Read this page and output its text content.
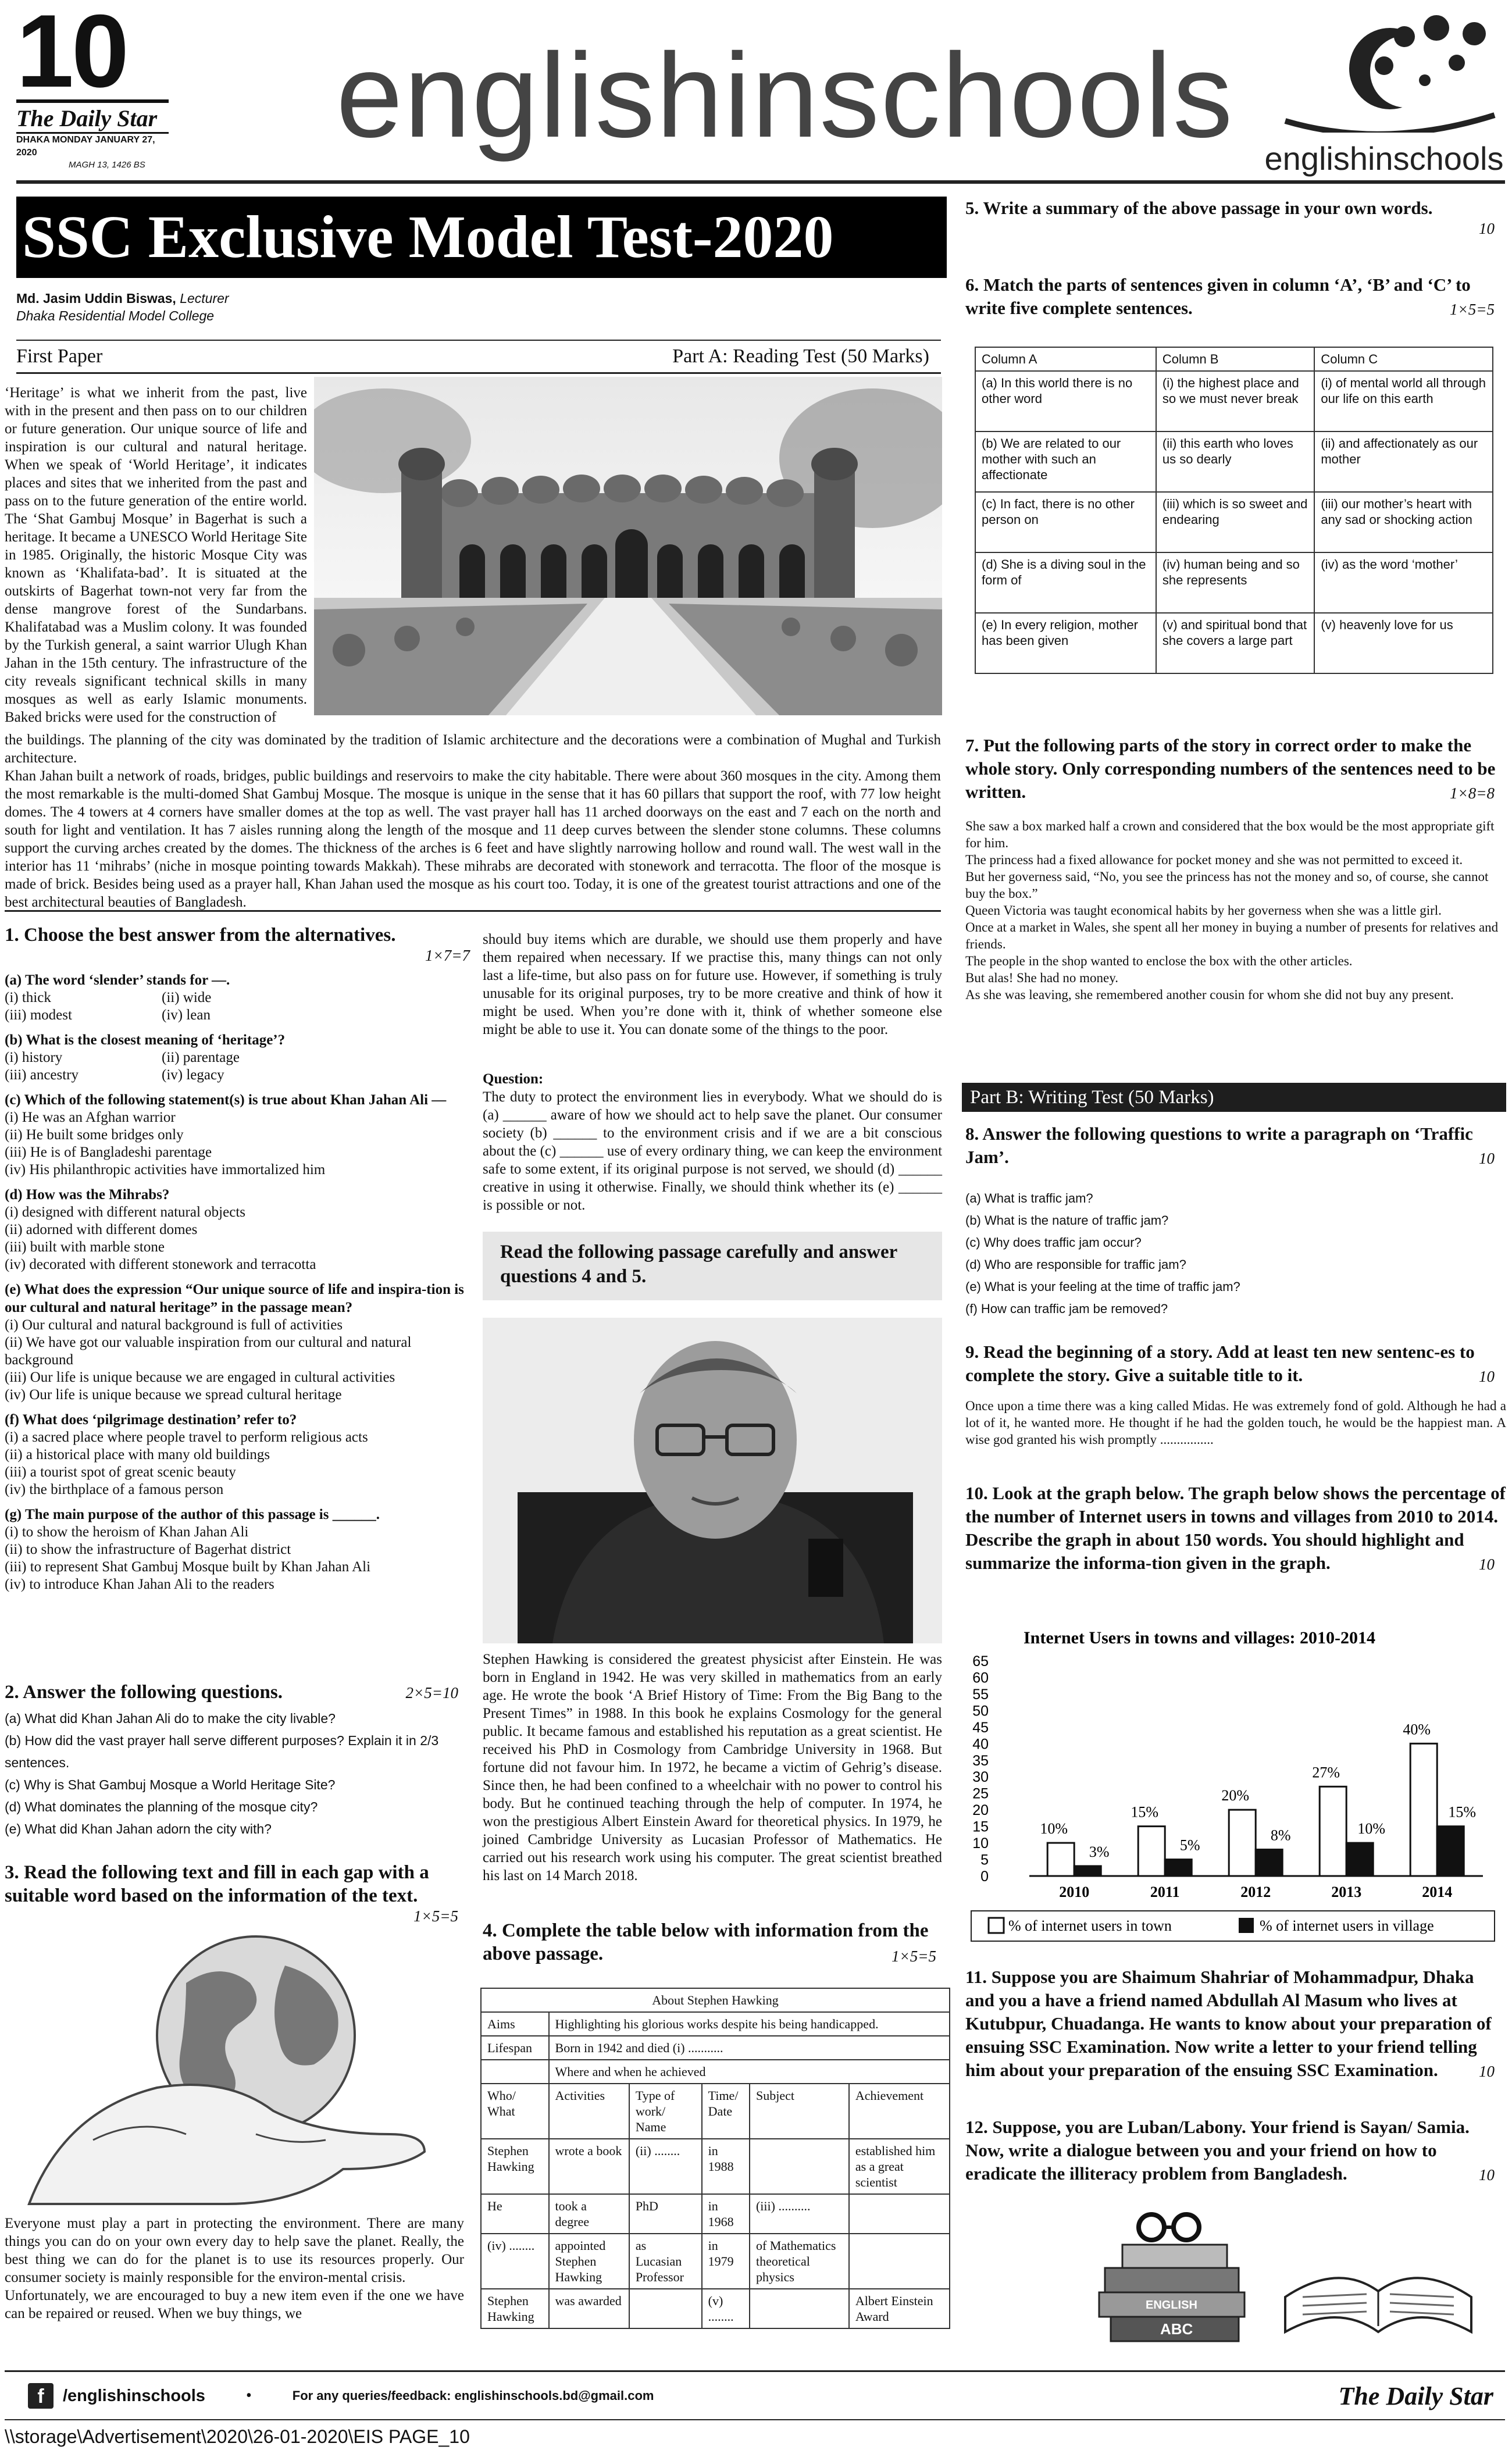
10
The Daily Star
DHAKA MONDAY JANUARY 27, 2020
MAGH 13, 1426 BS
englishinschools englishinschools
SSC Exclusive Model Test-2020
Md. Jasim Uddin Biswas, Lecturer
Dhaka Residential Model College
First Paper	Part A: Reading Test (50 Marks)
‘Heritage’ is what we inherit from the past, live with in the present and then pass on to our children or future generation. Our unique source of life and inspiration is our cultural and natural heritage. When we speak of ‘World Heritage’, it indicates places and sites that we inherited from the past and pass on to the future generation of the entire world. The ‘Shat Gambuj Mosque’ in Bagerhat is such a heritage. It became a UNESCO World Heritage Site in 1985. Originally, the historic Mosque City was known as ‘Khalifata-bad’. It is situated at the outskirts of Bagerhat town-not very far from the dense mangrove forest of the Sundarbans. Khalifatabad was a Muslim colony. It was founded by the Turkish general, a saint warrior Ulugh Khan Jahan in the 15th century. The infrastructure of the city reveals significant technical skills in many mosques as well as early Islamic monuments. Baked bricks were used for the construction of

the buildings. The planning of the city was dominated by the tradition of Islamic architecture and the decorations were a combination of Mughal and Turkish architecture.

Khan Jahan built a network of roads, bridges, public buildings and reservoirs to make the city habitable. There were about 360 mosques in the city. Among them the most remarkable is the multi-domed Shat Gambuj Mosque. The mosque is unique in the sense that it has 60 pillars that support the roof, with 77 low height domes. The 4 towers at 4 corners have smaller domes at the top as well. The vast prayer hall has 11 arched doorways on the east and 7 each on the north and south for light and ventilation. It has 7 aisles running along the length of the mosque and 11 deep curves between the slender stone columns. These columns support the curving arches created by the domes. The thickness of the arches is 6 feet and have slightly narrowing hollow and round wall. The west wall in the interior has 11 ‘mihrabs’ (niche in mosque pointing towards Makkah). These mihrabs are decorated with stonework and terracotta. The floor of the mosque is made of brick. Besides being used as a prayer hall, Khan Jahan used the mosque as his court too. Today, it is one of the greatest tourist attractions and one of the best architectural beauties of Bangladesh.

1. Choose the best answer from the alternatives.
1×7=7
(a) The word ‘slender’ stands for —.
(i) thick	(ii) wide
(iii) modest	(iv) lean
(b) What is the closest meaning of ‘heritage’?
(i) history	(ii) parentage
(iii) ancestry	(iv) legacy
(c) Which of the following statement(s) is true about Khan Jahan Ali —
(i) He was an Afghan warrior
(ii) He built some bridges only
(iii) He is of Bangladeshi parentage
(iv) His philanthropic activities have immortalized him
(d) How was the Mihrabs?
(i) designed with different natural objects
(ii) adorned with different domes
(iii) built with marble stone
(iv) decorated with different stonework and terracotta
(e) What does the expression “Our unique source of life and inspira-tion is our cultural and natural heritage” in the passage mean?
(i) Our cultural and natural background is full of activities
(ii) We have got our valuable inspiration from our cultural and natural background
(iii) Our life is unique because we are engaged in cultural activities
(iv) Our life is unique because we spread cultural heritage
(f) What does ‘pilgrimage destination’ refer to?
(i) a sacred place where people travel to perform religious acts
(ii) a historical place with many old buildings
(iii) a tourist spot of great scenic beauty
(iv) the birthplace of a famous person
(g) The main purpose of the author of this passage is ______.
(i) to show the heroism of Khan Jahan Ali
(ii) to show the infrastructure of Bagerhat district
(iii) to represent Shat Gambuj Mosque built by Khan Jahan Ali
(iv) to introduce Khan Jahan Ali to the readers
2. Answer the following questions.	2×5=10
(a) What did Khan Jahan Ali do to make the city livable?
(b) How did the vast prayer hall serve different purposes? Explain it in 2/3 sentences.
(c) Why is Shat Gambuj Mosque a World Heritage Site?
(d) What dominates the planning of the mosque city?
(e) What did Khan Jahan adorn the city with?
3. Read the following text and fill in each gap with a suitable word based on the information of the text.
1×5=5

Everyone must play a part in protecting the environment. There are many things you can do on your own every day to help save the planet. Really, the best thing we can do for the planet is to use its resources properly. Our consumer society is mainly responsible for the environ-mental crisis.

Unfortunately, we are encouraged to buy a new item even if the one we have can be repaired or reused. When we buy things, we

should buy items which are durable, we should use them properly and have them repaired when necessary. If we practise this, many things can not only last a life-time, but also pass on for future use. However, if something is truly unusable for its original purposes, try to be more creative and think of how it might be used. When you’re done with it, think of whether someone else might be able to use it. You can donate some of the things to the poor.
Question:
The duty to protect the environment lies in everybody. What we should do is (a) ______ aware of how we should act to help save the planet. Our consumer society (b) ______ to the environment crisis and if we are a bit conscious about the (c) ______ use of every ordinary thing, we can keep the environment safe to some extent, if its original purpose is not served, we should (d) ______ creative in using it otherwise. Finally, we should think whether its (e) ______ is possible or not.
Read the following passage carefully and answer questions 4 and 5.
Stephen Hawking is considered the greatest physicist after Einstein. He was born in England in 1942. He was very skilled in mathematics from an early age. He wrote the book ‘A Brief History of Time: From the Big Bang to the Present Times” in 1988. In this book he explains Cosmology for the general public. It became famous and established his reputation as a great scientist. He received his PhD in Cosmology from Cambridge University in 1968. But fortune did not favour him. In 1972, he became a victim of Gehrig’s disease. Since then, he had been confined to a wheelchair with no power to control his body. But he continued teaching through the help of computer. In 1974, he won the prestigious Albert Einstein Award for theoretical physics. In 1979, he joined Cambridge University as Lucasian Professor of Mathematics. He carried out his research work using his computer. The great scientist breathed his last on 14 March 2018.
4. Complete the table below with information from the above passage.	1×5=5
About Stephen Hawking					
Aims	Highlighting his glorious works despite his being handicapped.				
Lifespan	Born in 1942 and died (i) ...........				
	Where and when he achieved				
Who/ What	Activities	Type of work/ Name	Time/ Date	Subject	Achievement
Stephen Hawking	wrote a book	(ii) ........	in 1988		established him as a great scientist
He	took a degree	PhD	in 1968	(iii) ..........	
(iv) ........	appointed Stephen Hawking	as Lucasian Professor	in 1979	of Mathematics theoretical physics	
Stephen Hawking	was awarded		(v) ........		Albert Einstein Award
5. Write a summary of the above passage in your own words.
10
6. Match the parts of sentences given in column ‘A’, ‘B’ and ‘C’ to write five complete sentences.	1×5=5
Column A	Column B	Column C
(a) In this world there is no other word	(i) the highest place and so we must never break	(i) of mental world all through our life on this earth
(b) We are related to our mother with such an affectionate	(ii) this earth who loves us so dearly	(ii) and affectionately as our mother
(c) In fact, there is no other person on	(iii) which is so sweet and endearing	(iii) our mother’s heart with any sad or shocking action
(d) She is a diving soul in the form of	(iv) human being and so she represents	(iv) as the word ‘mother’
(e) In every religion, mother has been given	(v) and spiritual bond that she covers a large part	(v) heavenly love for us
7. Put the following parts of the story in correct order to make the whole story. Only corresponding numbers of the sentences need to be written.	1×8=8
She saw a box marked half a crown and considered that the box would be the most appropriate gift for him.
The princess had a fixed allowance for pocket money and she was not permitted to exceed it.
But her governess said, “No, you see the princess has not the money and so, of course, she cannot buy the box.”
Queen Victoria was taught economical habits by her governess when she was a little girl.
Once at a market in Wales, she spent all her money in buying a number of presents for relatives and friends.
The people in the shop wanted to enclose the box with the other articles.
But alas! She had no money.
As she was leaving, she remembered another cousin for whom she did not buy any present.
Part B: Writing Test (50 Marks)
8. Answer the following questions to write a paragraph on ‘Traffic Jam’.	10
(a) What is traffic jam?
(b) What is the nature of traffic jam?
(c) Why does traffic jam occur?
(d) Who are responsible for traffic jam?
(e) What is your feeling at the time of traffic jam?
(f) How can traffic jam be removed?
9. Read the beginning of a story. Add at least ten new sentenc-es to complete the story. Give a suitable title to it.	10
Once upon a time there was a king called Midas. He was extremely fond of gold. Although he had a lot of it, he wanted more. He thought if he had the golden touch, he would be the happiest man. A wise god granted his wish promptly ................
10. Look at the graph below. The graph below shows the percentage of the number of Internet users in towns and villages from 2010 to 2014. Describe the graph in about 150 words. You should highlight and summarize the informa-tion given in the graph.	10
Internet Users in towns and villages: 2010-2014
0
5
10
15
20
25
30
35
40
45
50
55
60
65
2010
10%
3%
2011
15%
5%
2012
20%
8%
2013
27%
10%
2014
40%
15%
% of internet users in town	% of internet users in village
11. Suppose you are Shaimum Shahriar of Mohammadpur, Dhaka and you a have a friend named Abdullah Al Masum who lives at Kutubpur, Chuadanga. He wants to know about your preparation of ensuing SSC Examination. Now write a letter to your friend telling him about your preparation of the ensuing SSC Examination.	10
12. Suppose, you are Luban/Labony. Your friend is Sayan/ Samia. Now, write a dialogue between you and your friend on how to eradicate the illiteracy problem from Bangladesh.	10
ENGLISH
ABC
f	/englishinschools	•	For any queries/feedback: englishinschools.bd@gmail.com	The Daily Star
\\storage\Advertisement\2020\26-01-2020\EIS PAGE_10
